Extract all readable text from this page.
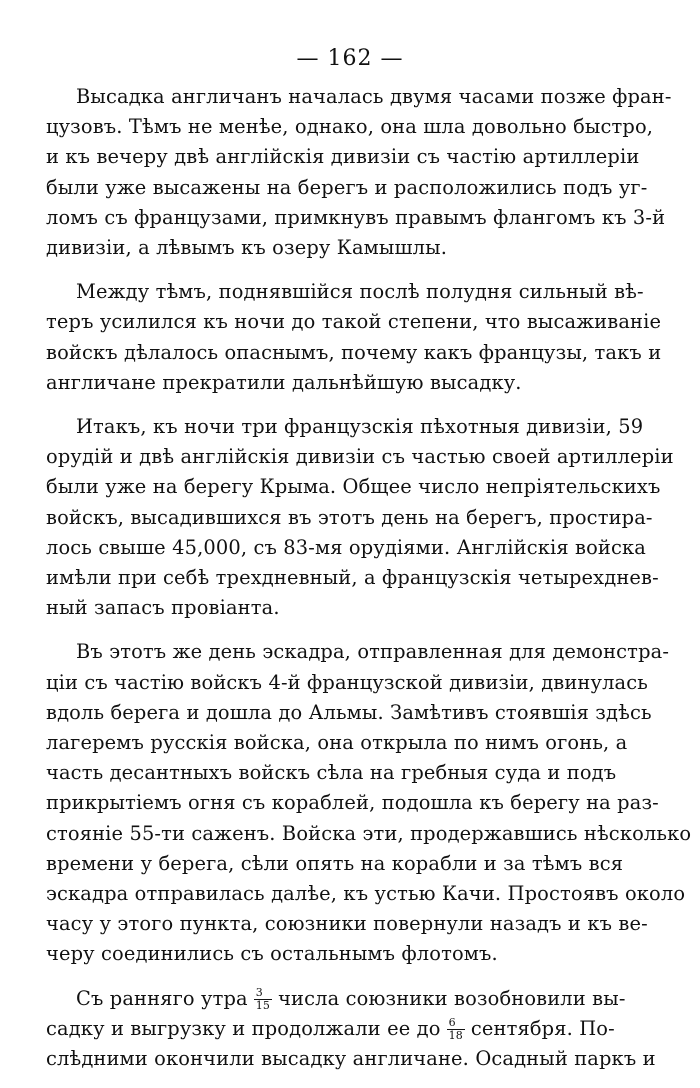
— 162 —
Высадка англичанъ началась двумя часами позже фран-
цузовъ. Тѣмъ не менѣе, однако, она шла довольно быстро,
и къ вечеру двѣ англійскія дивизіи съ частію артиллеріи
были уже высажены на берегъ и расположились подъ уг-
ломъ съ французами, примкнувъ правымъ флангомъ къ 3-й
дивизіи, а лѣвымъ къ озеру Камышлы.
Между тѣмъ, поднявшійся послѣ полудня сильный вѣ-
теръ усилился къ ночи до такой степени, что высаживаніе
войскъ дѣлалось опаснымъ, почему какъ французы, такъ и
англичане прекратили дальнѣйшую высадку.
Итакъ, къ ночи три французскія пѣхотныя дивизіи, 59
орудій и двѣ англійскія дивизіи съ частью своей артиллеріи
были уже на берегу Крыма. Общее число непріятельскихъ
войскъ, высадившихся въ этотъ день на берегъ, простира-
лось свыше 45,000, съ 83-мя орудіями. Англійскія войска
имѣли при себѣ трехдневный, а французскія четырехднев-
ный запасъ провіанта.
Въ этотъ же день эскадра, отправленная для демонстра-
ціи съ частію войскъ 4-й французской дивизіи, двинулась
вдоль берега и дошла до Альмы. Замѣтивъ стоявшія здѣсь
лагеремъ русскія войска, она открыла по нимъ огонь, а
часть десантныхъ войскъ сѣла на гребныя суда и подъ
прикрытіемъ огня съ кораблей, подошла къ берегу на раз-
стояніе 55-ти саженъ. Войска эти, продержавшись нѣсколько
времени у берега, сѣли опять на корабли и за тѣмъ вся
эскадра отправилась далѣе, къ устью Качи. Простоявъ около
часу у этого пункта, союзники повернули назадъ и къ ве-
черу соединились съ остальнымъ флотомъ.
Съ ранняго утра $\frac{3}{15}$ числа союзники возобновили вы-
садку и выгрузку и продолжали ее до $\frac{6}{18}$ сентября. По-
слѣдними окончили высадку англичане. Осадный паркъ и
